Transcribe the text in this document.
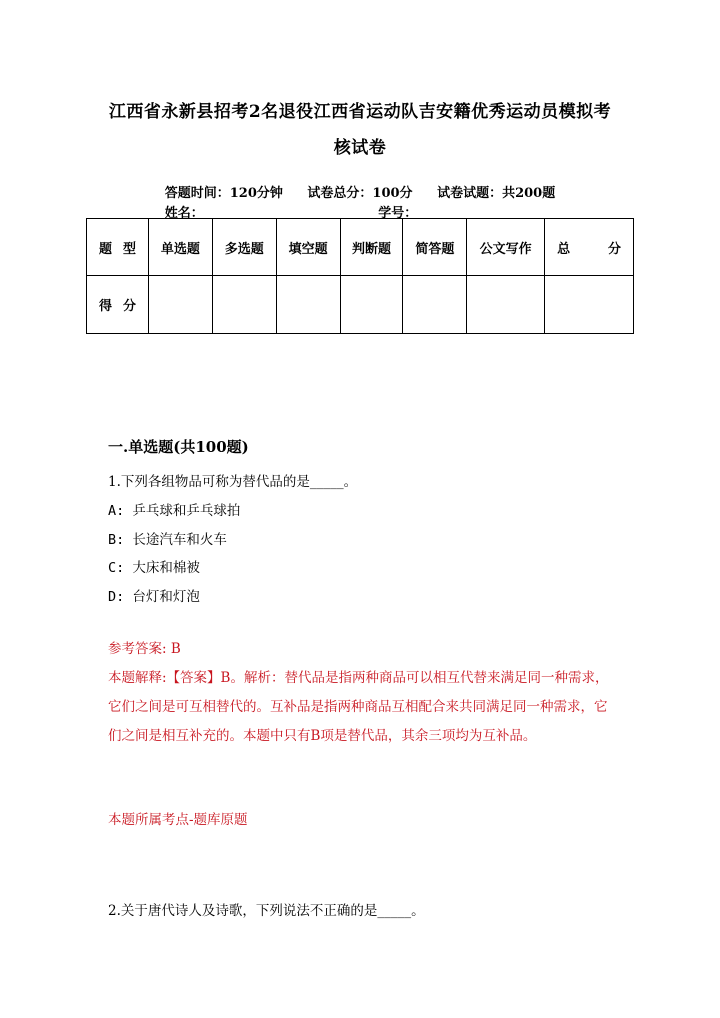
江西省永新县招考2名退役江西省运动队吉安籍优秀运动员模拟考
核试卷
答题时间：120分钟 试卷总分：100分 试卷试题：共200题
姓名：	学号：
题 型	单选题	多选题	填空题	判断题	简答题	公文写作	总 分

得 分							

一.单选题(共100题)
1.下列各组物品可称为替代品的是_____。
A: 乒乓球和乒乓球拍
B: 长途汽车和火车
C: 大床和棉被
D: 台灯和灯泡
参考答案: B
本题解释:【答案】B。解析：替代品是指两种商品可以相互代替来满足同一种需求，它们之间是可互相替代的。互补品是指两种商品互相配合来共同满足同一种需求，它们之间是相互补充的。本题中只有B项是替代品，其余三项均为互补品。
本题所属考点-题库原题
2.关于唐代诗人及诗歌，下列说法不正确的是_____。
